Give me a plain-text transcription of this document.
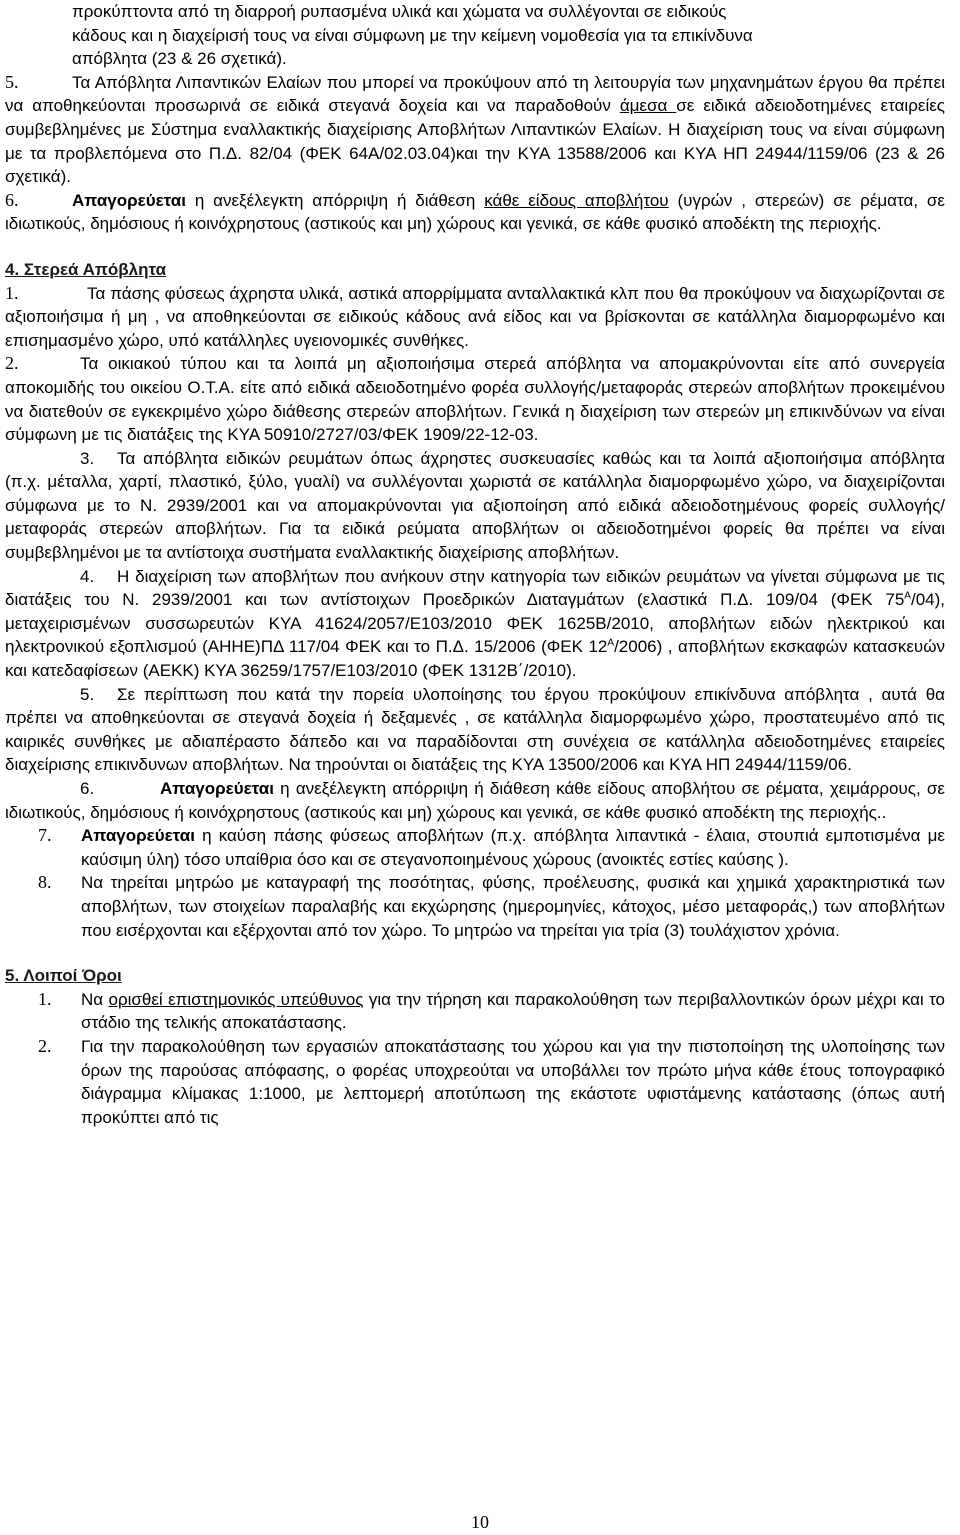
προκύπτοντα από τη διαρροή ρυπασμένα υλικά και χώματα να συλλέγονται σε ειδικούς
κάδους και η διαχείρισή τους να είναι σύμφωνη με την κείμενη νομοθεσία για τα επικίνδυνα
απόβλητα (23 & 26 σχετικά).

5.	Τα Απόβλητα Λιπαντικών Ελαίων που μπορεί να προκύψουν από τη λειτουργία των μηχανημάτων έργου θα πρέπει να αποθηκεύονται προσωρινά σε ειδικά στεγανά δοχεία και να παραδοθούν άμεσα σε ειδικά αδειοδοτημένες εταιρείες συμβεβλημένες με Σύστημα εναλλακτικής διαχείρισης Αποβλήτων Λιπαντικών Ελαίων. Η διαχείριση τους να είναι σύμφωνη με τα προβλεπόμενα στο Π.Δ. 82/04 (ΦΕΚ 64Α/02.03.04)και την ΚΥΑ 13588/2006 και ΚΥΑ ΗΠ 24944/1159/06 (23 & 26 σχετικά).

6.	Απαγορεύεται η ανεξέλεγκτη απόρριψη ή διάθεση κάθε είδους αποβλήτου (υγρών , στερεών) σε ρέματα, σε ιδιωτικούς, δημόσιους ή κοινόχρηστους (αστικούς και μη) χώρους και γενικά, σε κάθε φυσικό αποδέκτη της περιοχής.

4. Στερεά Απόβλητα

1.	Τα πάσης φύσεως άχρηστα υλικά, αστικά απορρίμματα ανταλλακτικά κλπ που θα προκύψουν να διαχωρίζονται σε αξιοποιήσιμα ή μη , να αποθηκεύονται σε ειδικούς κάδους ανά είδος και να βρίσκονται σε κατάλληλα διαμορφωμένο και επισημασμένο χώρο, υπό κατάλληλες υγειονομικές συνθήκες.

2.	Τα οικιακού τύπου και τα λοιπά μη αξιοποιήσιμα στερεά απόβλητα να απομακρύνονται είτε από συνεργεία αποκομιδής του οικείου Ο.Τ.Α. είτε από ειδικά αδειοδοτημένο φορέα συλλογής/μεταφοράς στερεών αποβλήτων προκειμένου να διατεθούν σε εγκεκριμένο χώρο διάθεσης στερεών αποβλήτων. Γενικά η διαχείριση των στερεών μη επικινδύνων να είναι σύμφωνη με τις διατάξεις της ΚΥΑ 50910/2727/03/ΦΕΚ 1909/22-12-03.

3. Τα απόβλητα ειδικών ρευμάτων όπως άχρηστες συσκευασίες καθώς και τα λοιπά αξιοποιήσιμα απόβλητα (π.χ. μέταλλα, χαρτί, πλαστικό, ξύλο, γυαλί) να συλλέγονται χωριστά σε κατάλληλα διαμορφωμένο χώρο, να διαχειρίζονται σύμφωνα με το Ν. 2939/2001 και να απομακρύνονται για αξιοποίηση από ειδικά αδειοδοτημένους φορείς συλλογής/μεταφοράς στερεών αποβλήτων. Για τα ειδικά ρεύματα αποβλήτων οι αδειοδοτημένοι φορείς θα πρέπει να είναι συμβεβλημένοι με τα αντίστοιχα συστήματα εναλλακτικής διαχείρισης αποβλήτων.

4. Η διαχείριση των αποβλήτων που ανήκουν στην κατηγορία των ειδικών ρευμάτων να γίνεται σύμφωνα με τις διατάξεις του Ν. 2939/2001 και των αντίστοιχων Προεδρικών Διαταγμάτων (ελαστικά Π.Δ. 109/04 (ΦΕΚ $75^A/04$), μεταχειρισμένων συσσωρευτών ΚΥΑ 41624/2057/Ε103/2010 ΦΕΚ 1625Β/2010, αποβλήτων ειδών ηλεκτρικού και ηλεκτρονικού εξοπλισμού (ΑΗΗΕ)ΠΔ 117/04 ΦΕΚ και το Π.Δ. 15/2006 (ΦΕΚ $12^A/2006$) , αποβλήτων εκσκαφών κατασκευών και κατεδαφίσεων (ΑΕΚΚ) ΚΥΑ 36259/1757/Ε103/2010 (ΦΕΚ 1312Β΄/2010).

5. Σε περίπτωση που κατά την πορεία υλοποίησης του έργου προκύψουν επικίνδυνα απόβλητα , αυτά θα πρέπει να αποθηκεύονται σε στεγανά δοχεία ή δεξαμενές , σε κατάλληλα διαμορφωμένο χώρο, προστατευμένο από τις καιρικές συνθήκες με αδιαπέραστο δάπεδο και να παραδίδονται στη συνέχεια σε κατάλληλα αδειοδοτημένες εταιρείες διαχείρισης επικινδυνων αποβλήτων. Να τηρούνται οι διατάξεις της ΚΥΑ 13500/2006 και ΚΥΑ ΗΠ 24944/1159/06.

6.	Απαγορεύεται η ανεξέλεγκτη απόρριψη ή διάθεση κάθε είδους αποβλήτου σε ρέματα, χειμάρρους, σε ιδιωτικούς, δημόσιους ή κοινόχρηστους (αστικούς και μη) χώρους και γενικά, σε κάθε φυσικό αποδέκτη της περιοχής..

7.	Απαγορεύεται η καύση πάσης φύσεως αποβλήτων (π.χ. απόβλητα λιπαντικά - έλαια, στουπιά εμποτισμένα με καύσιμη ύλη) τόσο υπαίθρια όσο και σε στεγανοποιημένους χώρους (ανοικτές εστίες καύσης ).
8.	Να τηρείται μητρώο με καταγραφή της ποσότητας, φύσης, προέλευσης, φυσικά και χημικά χαρακτηριστικά των αποβλήτων, των στοιχείων παραλαβής και εκχώρησης (ημερομηνίες, κάτοχος, μέσο μεταφοράς,) των αποβλήτων που εισέρχονται και εξέρχονται από τον χώρο. Το μητρώο να τηρείται για τρία (3) τουλάχιστον χρόνια.

5. Λοιποί Όροι

1.	Να ορισθεί επιστημονικός υπεύθυνος για την τήρηση και παρακολούθηση των περιβαλλοντικών όρων μέχρι και το στάδιο της τελικής αποκατάστασης.
2.	Για την παρακολούθηση των εργασιών αποκατάστασης του χώρου και για την πιστοποίηση της υλοποίησης των όρων της παρούσας απόφασης, ο φορέας υποχρεούται να υποβάλλει τον πρώτο μήνα κάθε έτους τοπογραφικό διάγραμμα κλίμακας 1:1000, με λεπτομερή αποτύπωση της εκάστοτε υφιστάμενης κατάστασης (όπως αυτή προκύπτει από τις
10
